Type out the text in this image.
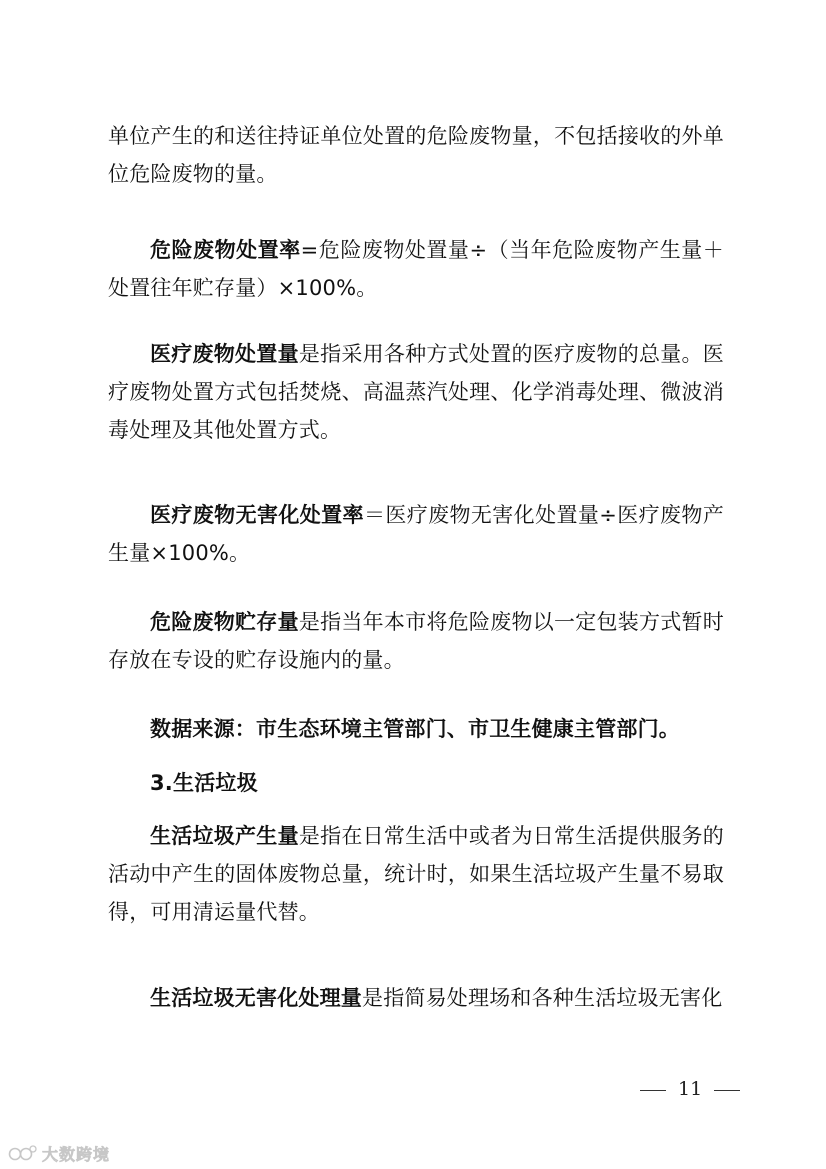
单位产生的和送往持证单位处置的危险废物量，不包括接收的外单位危险废物的量。

危险废物处置率=危险废物处置量÷（当年危险废物产生量＋处置往年贮存量）×100%。

医疗废物处置量是指采用各种方式处置的医疗废物的总量。医疗废物处置方式包括焚烧、高温蒸汽处理、化学消毒处理、微波消毒处理及其他处置方式。

医疗废物无害化处置率＝医疗废物无害化处置量÷医疗废物产生量×100%。

危险废物贮存量是指当年本市将危险废物以一定包装方式暂时存放在专设的贮存设施内的量。

数据来源：市生态环境主管部门、市卫生健康主管部门。

3.生活垃圾

生活垃圾产生量是指在日常生活中或者为日常生活提供服务的活动中产生的固体废物总量，统计时，如果生活垃圾产生量不易取得，可用清运量代替。

生活垃圾无害化处理量是指简易处理场和各种生活垃圾无害化

11
大数跨境
